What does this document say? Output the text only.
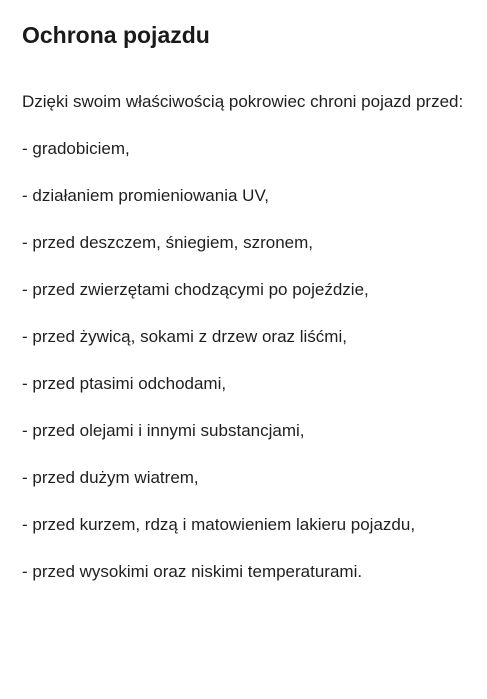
Ochrona pojazdu

Dzięki swoim właściwością pokrowiec chroni pojazd przed:

- gradobiciem,
- działaniem promieniowania UV,
- przed deszczem, śniegiem, szronem,
- przed zwierzętami chodzącymi po pojeździe,
- przed żywicą, sokami z drzew oraz liśćmi,
- przed ptasimi odchodami,
- przed olejami i innymi substancjami,
- przed dużym wiatrem,
- przed kurzem, rdzą i matowieniem lakieru pojazdu,
- przed wysokimi oraz niskimi temperaturami.
